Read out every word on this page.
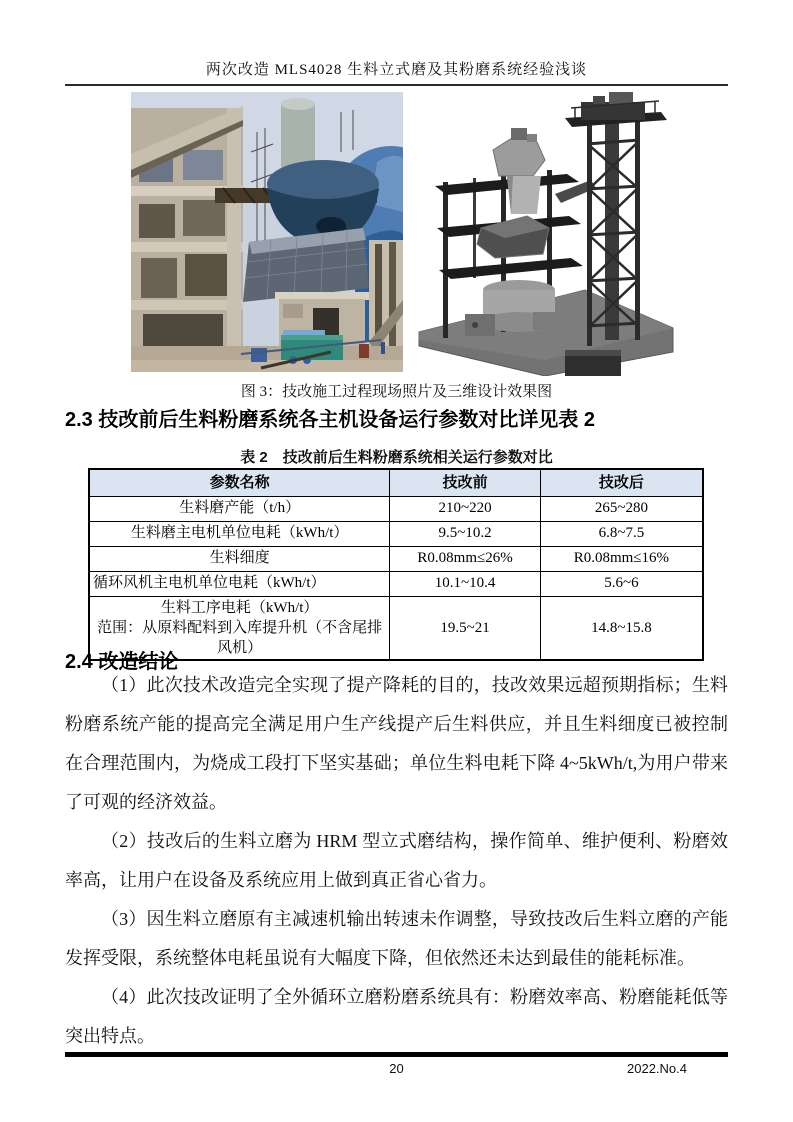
两次改造 MLS4028 生料立式磨及其粉磨系统经验浅谈
图 3：技改施工过程现场照片及三维设计效果图
2.3 技改前后生料粉磨系统各主机设备运行参数对比详见表 2
表 2　技改前后生料粉磨系统相关运行参数对比
参数名称	技改前	技改后
生料磨产能（t/h）	210~220	265~280
生料磨主电机单位电耗（kWh/t）	9.5~10.2	6.8~7.5
生料细度	R0.08mm≤26%	R0.08mm≤16%
循环风机主电机单位电耗（kWh/t）	10.1~10.4	5.6~6

生料工序电耗（kWh/t）
范围：从原料配料到入库提升机（不含尾排风机）	19.5~21	14.8~15.8
2.4 改造结论

（1）此次技术改造完全实现了提产降耗的目的，技改效果远超预期指标；生料粉磨系统产能的提高完全满足用户生产线提产后生料供应，并且生料细度已被控制在合理范围内，为烧成工段打下坚实基础；单位生料电耗下降 4~5kWh/t,为用户带来了可观的经济效益。

（2）技改后的生料立磨为 HRM 型立式磨结构，操作简单、维护便利、粉磨效率高，让用户在设备及系统应用上做到真正省心省力。

（3）因生料立磨原有主减速机输出转速未作调整，导致技改后生料立磨的产能发挥受限，系统整体电耗虽说有大幅度下降，但依然还未达到最佳的能耗标准。

（4）此次技改证明了全外循环立磨粉磨系统具有：粉磨效率高、粉磨能耗低等突出特点。

20	2022.No.4
